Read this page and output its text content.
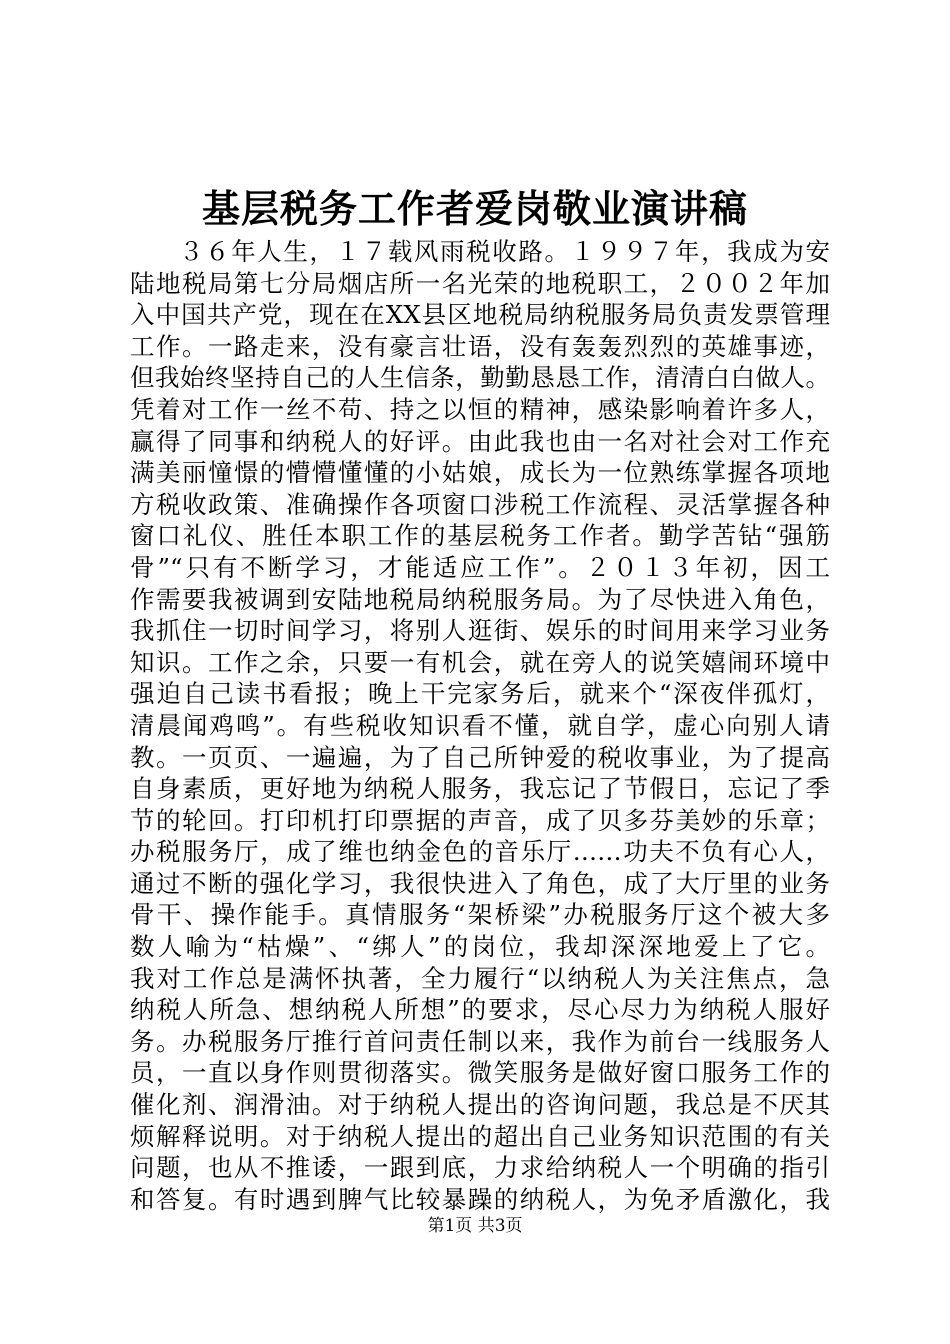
基层税务工作者爱岗敬业演讲稿
３６年人生，１７载风雨税收路。１９９７年，我成为安
陆地税局第七分局烟店所一名光荣的地税职工，２００２年加
入中国共产党，现在在XX县区地税局纳税服务局负责发票管理
工作。一路走来，没有豪言壮语，没有轰轰烈烈的英雄事迹，
但我始终坚持自己的人生信条，勤勤恳恳工作，清清白白做人。
凭着对工作一丝不苟、持之以恒的精神，感染影响着许多人，
赢得了同事和纳税人的好评。由此我也由一名对社会对工作充
满美丽憧憬的懵懵懂懂的小姑娘，成长为一位熟练掌握各项地
方税收政策、准确操作各项窗口涉税工作流程、灵活掌握各种
窗口礼仪、胜任本职工作的基层税务工作者。勤学苦钻“强筋
骨”“只有不断学习，才能适应工作”。２０１３年初，因工
作需要我被调到安陆地税局纳税服务局。为了尽快进入角色，
我抓住一切时间学习，将别人逛街、娱乐的时间用来学习业务
知识。工作之余，只要一有机会，就在旁人的说笑嬉闹环境中
强迫自己读书看报；晚上干完家务后，就来个“深夜伴孤灯，
清晨闻鸡鸣”。有些税收知识看不懂，就自学，虚心向别人请
教。一页页、一遍遍，为了自己所钟爱的税收事业，为了提高
自身素质，更好地为纳税人服务，我忘记了节假日，忘记了季
节的轮回。打印机打印票据的声音，成了贝多芬美妙的乐章；
办税服务厅，成了维也纳金色的音乐厅……功夫不负有心人，
通过不断的强化学习，我很快进入了角色，成了大厅里的业务
骨干、操作能手。真情服务“架桥梁”办税服务厅这个被大多
数人喻为“枯燥”、“绑人”的岗位，我却深深地爱上了它。
我对工作总是满怀执著，全力履行“以纳税人为关注焦点，急
纳税人所急、想纳税人所想”的要求，尽心尽力为纳税人服好
务。办税服务厅推行首问责任制以来，我作为前台一线服务人
员，一直以身作则贯彻落实。微笑服务是做好窗口服务工作的
催化剂、润滑油。对于纳税人提出的咨询问题，我总是不厌其
烦解释说明。对于纳税人提出的超出自己业务知识范围的有关
问题，也从不推诿，一跟到底，力求给纳税人一个明确的指引
和答复。有时遇到脾气比较暴躁的纳税人，为免矛盾激化，我
第1页 共3页
